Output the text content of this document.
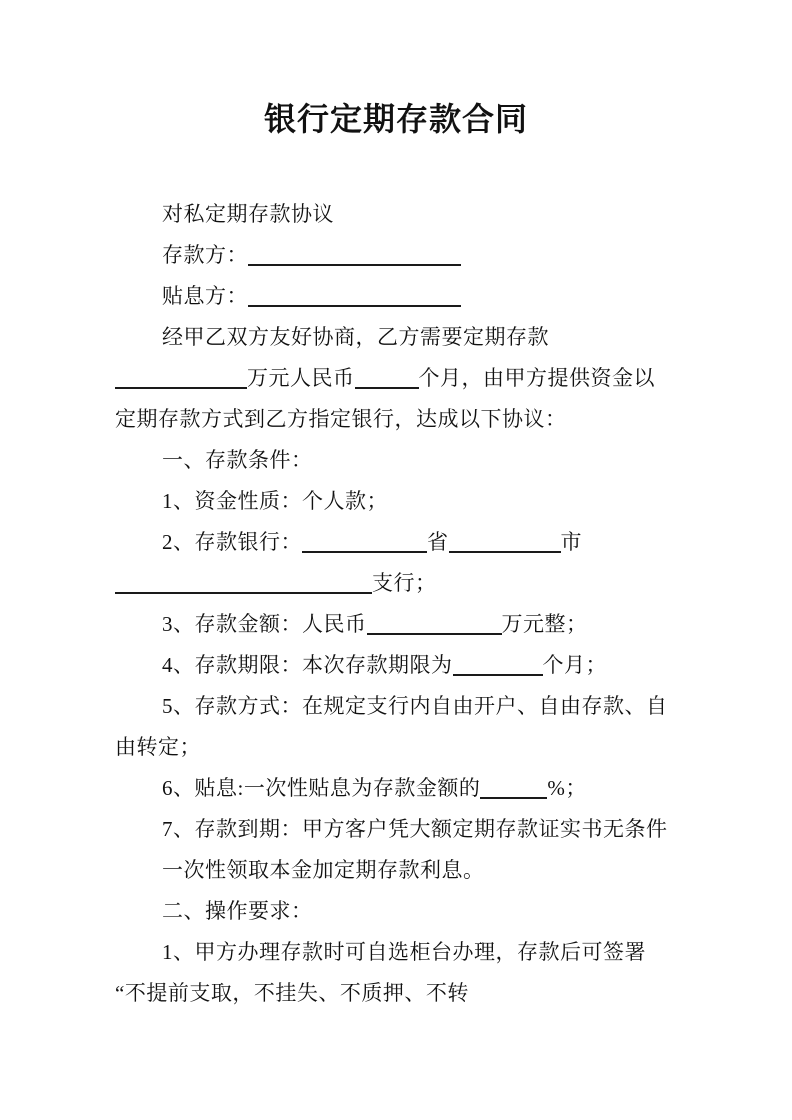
银行定期存款合同
对私定期存款协议
存款方：
贴息方：
经甲乙双方友好协商，乙方需要定期存款
万元人民币	个月，由甲方提供资金以
定期存款方式到乙方指定银行，达成以下协议：
一、存款条件：
1、资金性质：个人款；
2、存款银行：	省	市
支行；
3、存款金额：人民币	万元整；
4、存款期限：本次存款期限为	个月；
5、存款方式：在规定支行内自由开户、自由存款、自
由转定；
6、贴息:一次性贴息为存款金额的	%；
7、存款到期：甲方客户凭大额定期存款证实书无条件
一次性领取本金加定期存款利息。
二、操作要求：
1、甲方办理存款时可自选柜台办理，存款后可签署
“不提前支取，不挂失、不质押、不转
